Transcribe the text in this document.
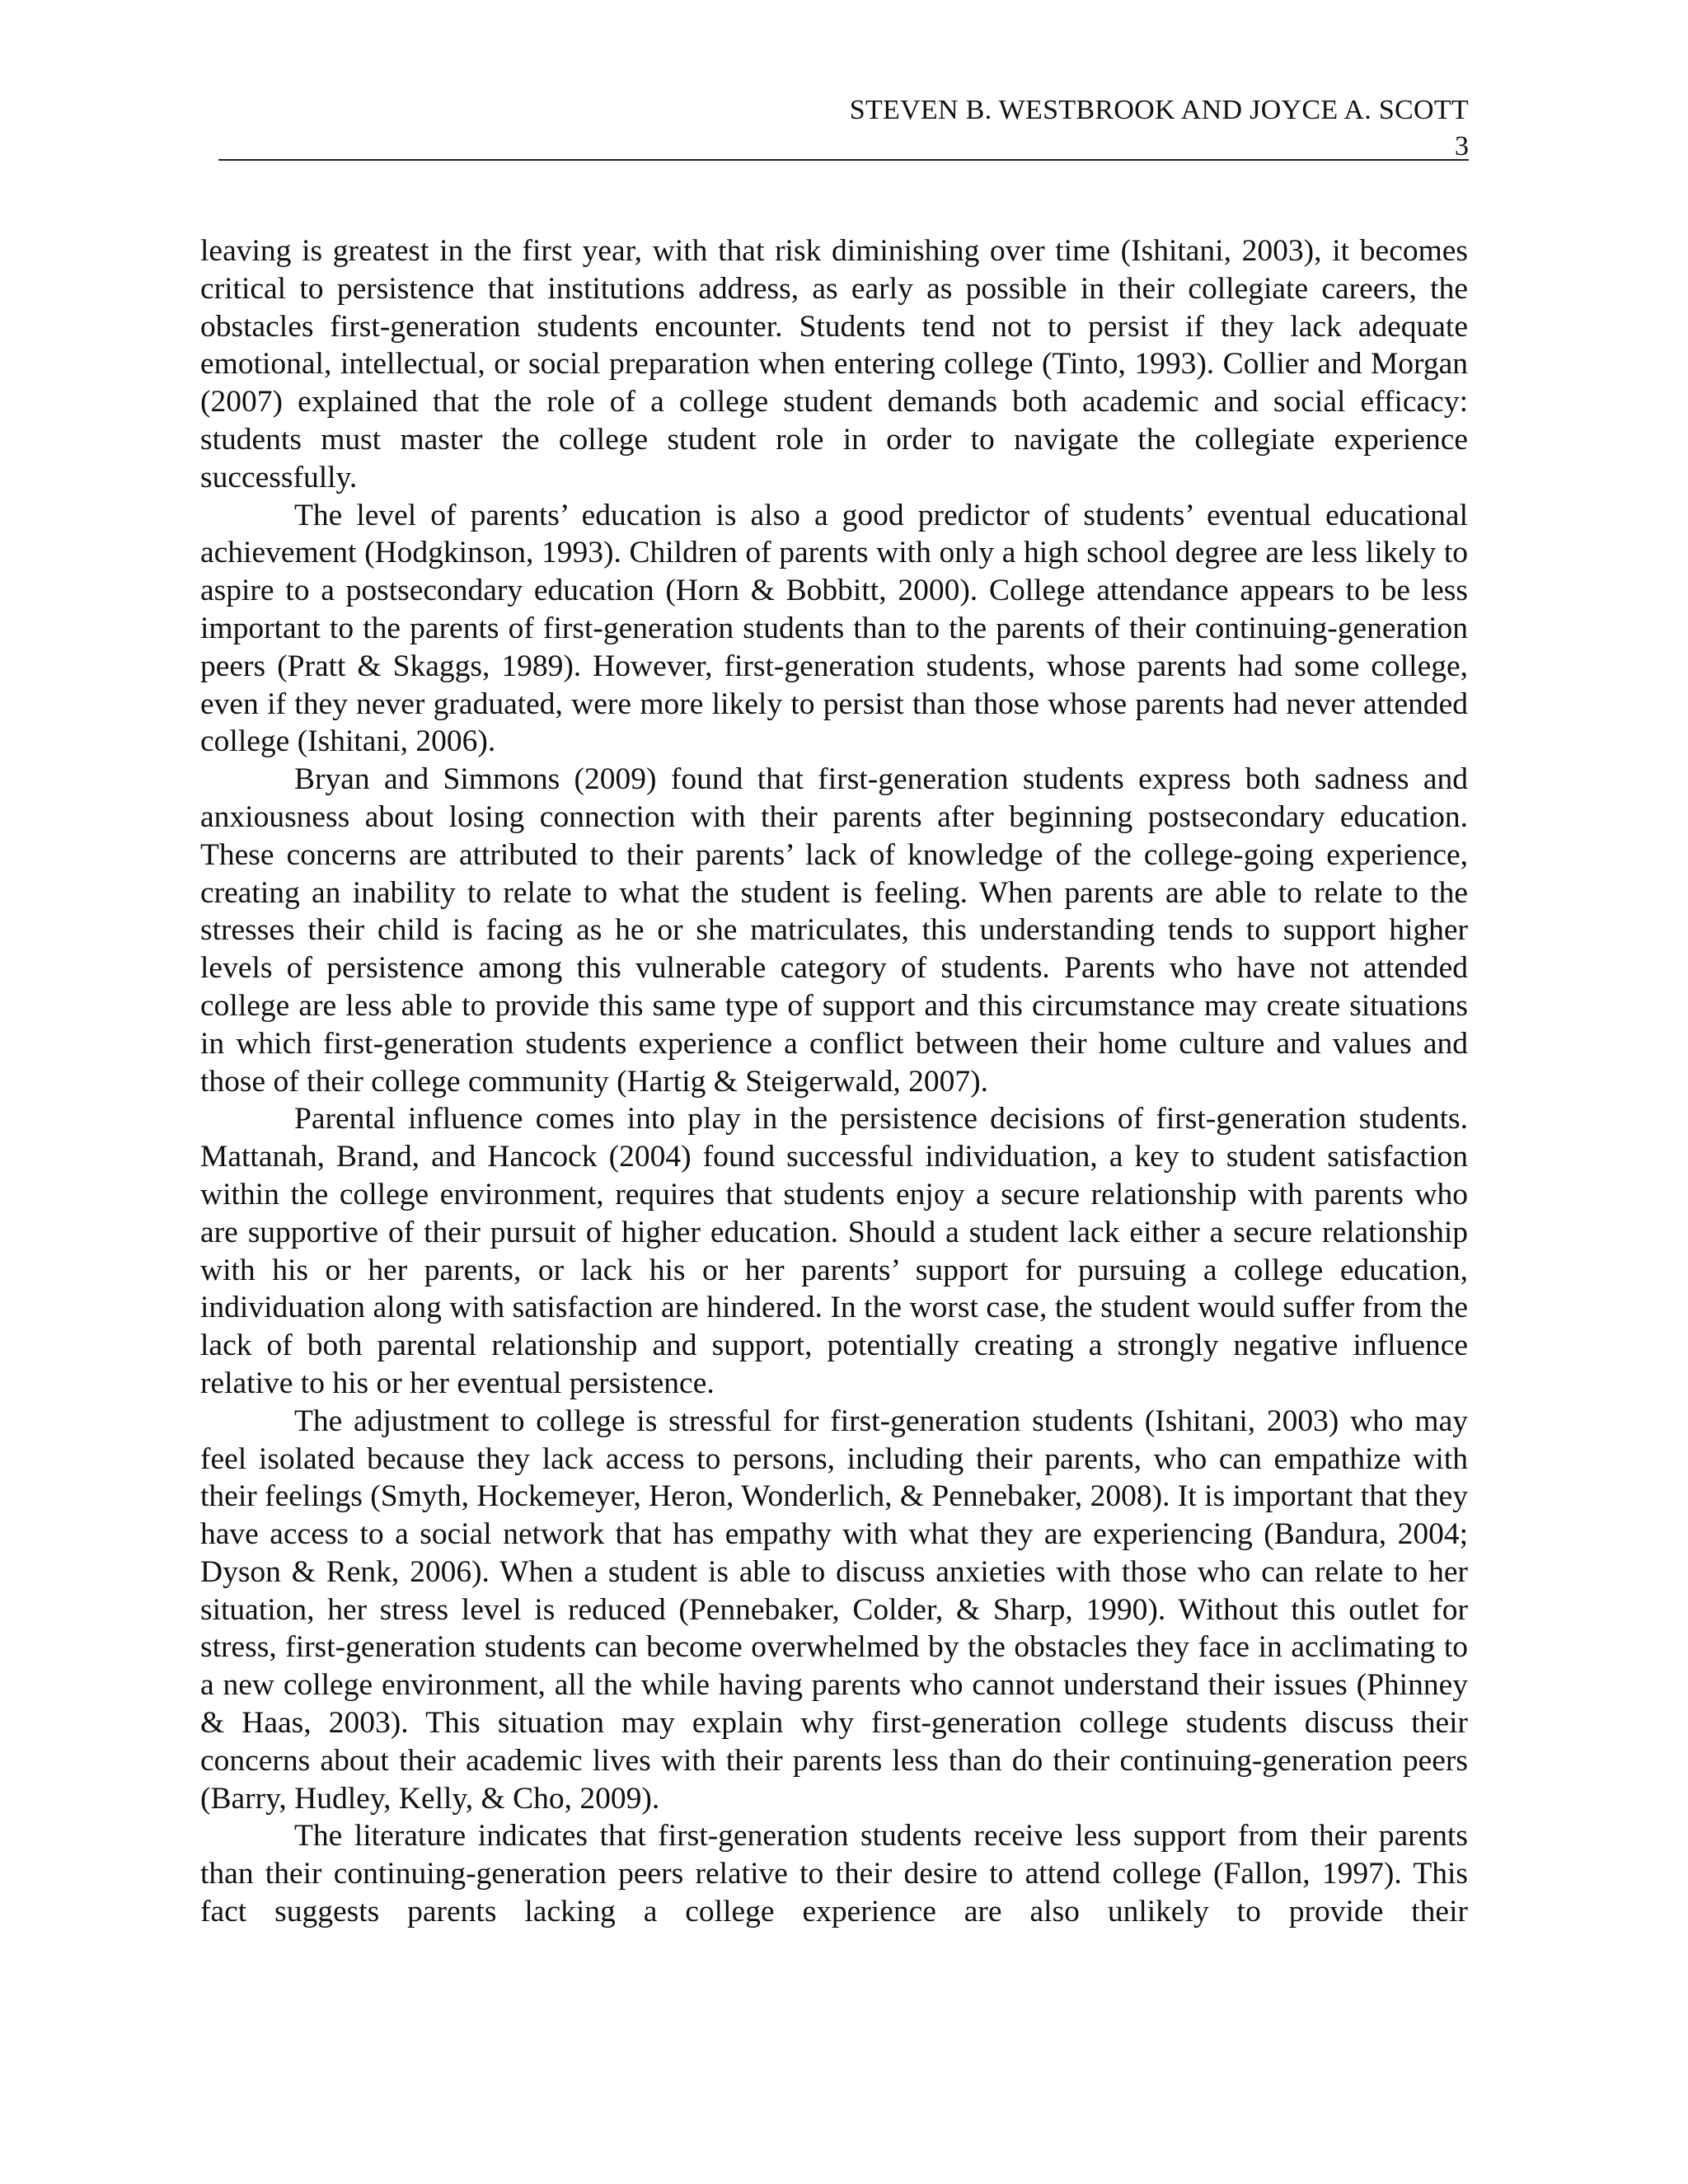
STEVEN B. WESTBROOK AND JOYCE A. SCOTT
3

leaving is greatest in the first year, with that risk diminishing over time (Ishitani, 2003), it becomes critical to persistence that institutions address, as early as possible in their collegiate careers, the obstacles first-generation students encounter. Students tend not to persist if they lack adequate emotional, intellectual, or social preparation when entering college (Tinto, 1993). Collier and Morgan (2007) explained that the role of a college student demands both academic and social efficacy: students must master the college student role in order to navigate the collegiate experience successfully.

The level of parents’ education is also a good predictor of students’ eventual educational achievement (Hodgkinson, 1993). Children of parents with only a high school degree are less likely to aspire to a postsecondary education (Horn & Bobbitt, 2000). College attendance appears to be less important to the parents of first-generation students than to the parents of their continuing-generation peers (Pratt & Skaggs, 1989). However, first-generation students, whose parents had some college, even if they never graduated, were more likely to persist than those whose parents had never attended college (Ishitani, 2006).

Bryan and Simmons (2009) found that first-generation students express both sadness and anxiousness about losing connection with their parents after beginning postsecondary education. These concerns are attributed to their parents’ lack of knowledge of the college-going experience, creating an inability to relate to what the student is feeling. When parents are able to relate to the stresses their child is facing as he or she matriculates, this understanding tends to support higher levels of persistence among this vulnerable category of students. Parents who have not attended college are less able to provide this same type of support and this circumstance may create situations in which first-generation students experience a conflict between their home culture and values and those of their college community (Hartig & Steigerwald, 2007).

Parental influence comes into play in the persistence decisions of first-generation students. Mattanah, Brand, and Hancock (2004) found successful individuation, a key to student satisfaction within the college environment, requires that students enjoy a secure relationship with parents who are supportive of their pursuit of higher education. Should a student lack either a secure relationship with his or her parents, or lack his or her parents’ support for pursuing a college education, individuation along with satisfaction are hindered. In the worst case, the student would suffer from the lack of both parental relationship and support, potentially creating a strongly negative influence relative to his or her eventual persistence.

The adjustment to college is stressful for first-generation students (Ishitani, 2003) who may feel isolated because they lack access to persons, including their parents, who can empathize with their feelings (Smyth, Hockemeyer, Heron, Wonderlich, & Pennebaker, 2008). It is important that they have access to a social network that has empathy with what they are experiencing (Bandura, 2004; Dyson & Renk, 2006). When a student is able to discuss anxieties with those who can relate to her situation, her stress level is reduced (Pennebaker, Colder, & Sharp, 1990). Without this outlet for stress, first-generation students can become overwhelmed by the obstacles they face in acclimating to a new college environment, all the while having parents who cannot understand their issues (Phinney & Haas, 2003). This situation may explain why first-generation college students discuss their concerns about their academic lives with their parents less than do their continuing-generation peers (Barry, Hudley, Kelly, & Cho, 2009).

The literature indicates that first-generation students receive less support from their parents than their continuing-generation peers relative to their desire to attend college (Fallon, 1997). This fact suggests parents lacking a college experience are also unlikely to provide their
